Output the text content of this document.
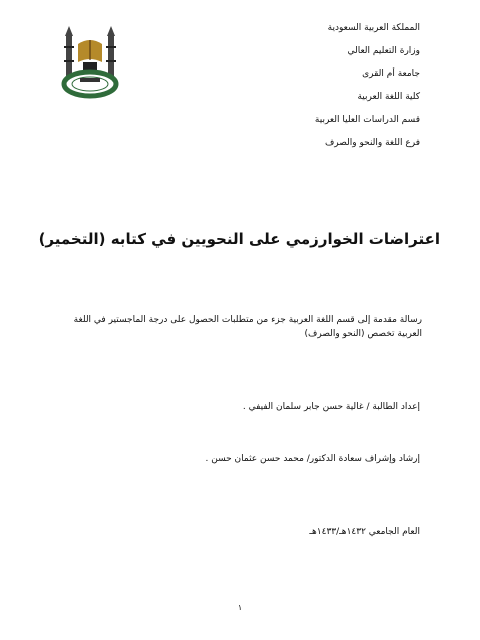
المملكة العربية السعودية
وزارة التعليم العالي
جامعة أم القرى
كلية اللغة العربية
قسم الدراسات العليا العربية
فرع اللغة والنحو والصرف
اعتراضات الخوارزمي على النحويين في كتابه (التخمير)
رسالة مقدمة إلى قسم اللغة العربية جزء من متطلبات الحصول على درجة الماجستير في اللغة العربية تخصص (النحو والصرف)
إعداد الطالبة / غالية حسن جابر سلمان الفيفي .
إرشاد وإشراف سعادة الدكتور/ محمد حسن عثمان حسن .
العام الجامعي ١٤٣٢هـ/١٤٣٣هـ
١
